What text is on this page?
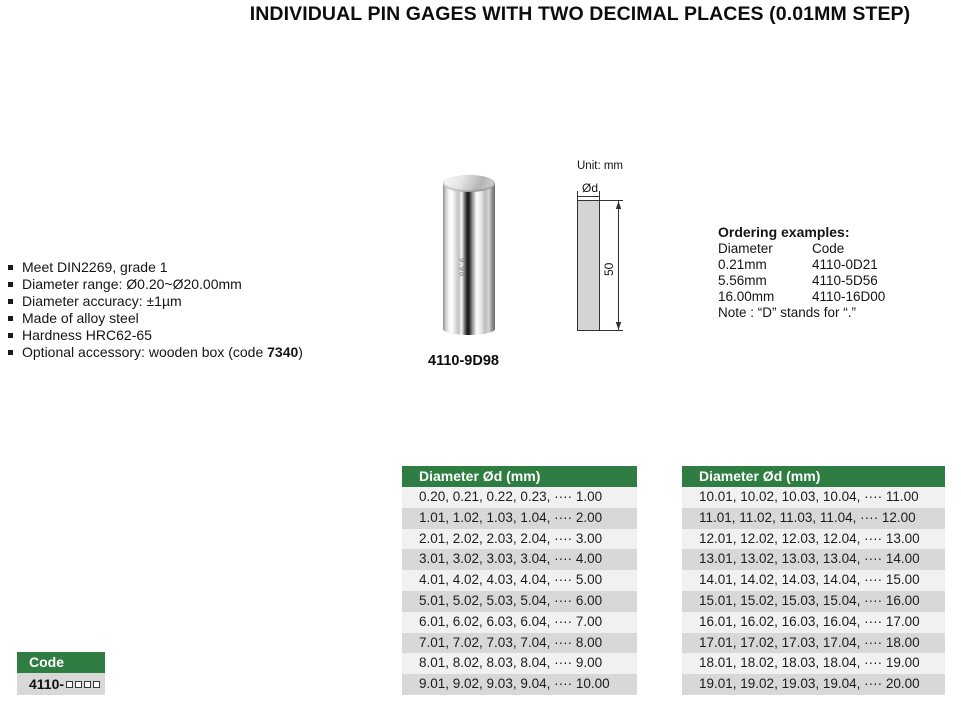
INDIVIDUAL PIN GAGES WITH TWO DECIMAL PLACES (0.01MM STEP)
Meet DIN2269, grade 1
Diameter range: Ø0.20~Ø20.00mm
Diameter accuracy: ±1µm
Made of alloy steel
Hardness HRC62-65
Optional accessory: wooden box (code 7340)
9.98
4110-9D98
Unit: mm
Ød
50
Ordering examples:
Diameter	Code
0.21mm	4110-0D21
5.56mm	4110-5D56
16.00mm	4110-16D00
Note : “D” stands for “.”
Diameter Ød (mm)
0.20, 0.21, 0.22, 0.23, ···· 1.00
1.01, 1.02, 1.03, 1.04, ···· 2.00
2.01, 2.02, 2.03, 2.04, ···· 3.00
3.01, 3.02, 3.03, 3.04, ···· 4.00
4.01, 4.02, 4.03, 4.04, ···· 5.00
5.01, 5.02, 5.03, 5.04, ···· 6.00
6.01, 6.02, 6.03, 6.04, ···· 7.00
7.01, 7.02, 7.03, 7.04, ···· 8.00
8.01, 8.02, 8.03, 8.04, ···· 9.00
9.01, 9.02, 9.03, 9.04, ···· 10.00
Diameter Ød (mm)
10.01, 10.02, 10.03, 10.04, ···· 11.00
11.01, 11.02, 11.03, 11.04, ···· 12.00
12.01, 12.02, 12.03, 12.04, ···· 13.00
13.01, 13.02, 13.03, 13.04, ···· 14.00
14.01, 14.02, 14.03, 14.04, ···· 15.00
15.01, 15.02, 15.03, 15.04, ···· 16.00
16.01, 16.02, 16.03, 16.04, ···· 17.00
17.01, 17.02, 17.03, 17.04, ···· 18.00
18.01, 18.02, 18.03, 18.04, ···· 19.00
19.01, 19.02, 19.03, 19.04, ···· 20.00
Code
4110-
